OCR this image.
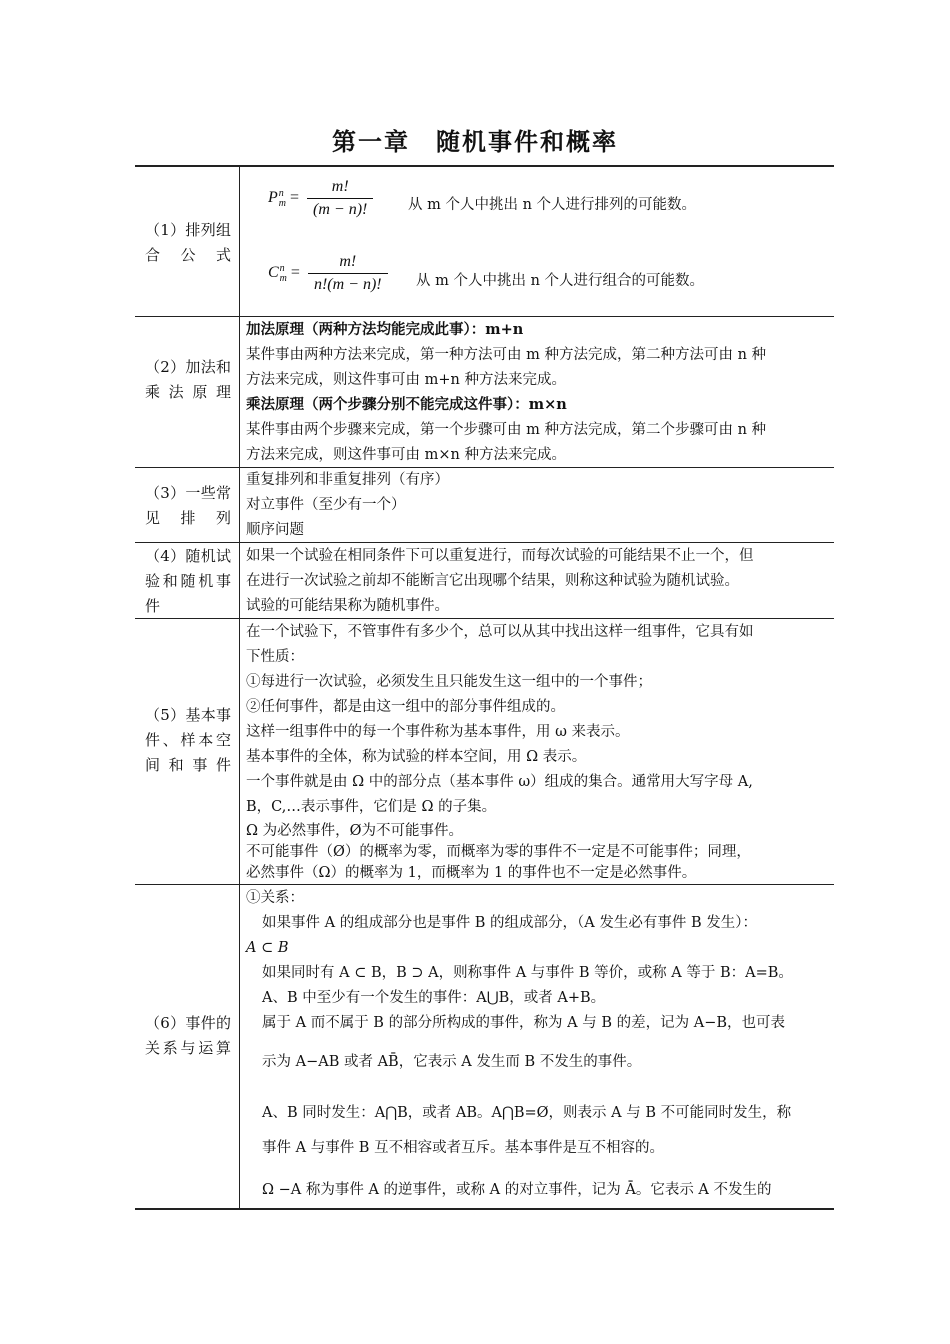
第一章　随机事件和概率
（1）排列组合公式
P n
$m = \frac{m!}{(m - n)!}$ 从 m 个人中挑出 n 个人进行排列的可能数。
C n
$m = \frac{m!}{n!(m - n)!}$ 从 m 个人中挑出 n 个人进行组合的可能数。
（2）加法和乘法原理
加法原理（两种方法均能完成此事）：m+n
某件事由两种方法来完成，第一种方法可由 m 种方法完成，第二种方法可由 n 种
方法来完成，则这件事可由 m+n 种方法来完成。
乘法原理（两个步骤分别不能完成这件事）：m×n
某件事由两个步骤来完成，第一个步骤可由 m 种方法完成，第二个步骤可由 n 种
方法来完成，则这件事可由 m×n 种方法来完成。
（3）一些常见排列
重复排列和非重复排列（有序）
对立事件（至少有一个）
顺序问题
（4）随机试验和随机事件
如果一个试验在相同条件下可以重复进行，而每次试验的可能结果不止一个，但
在进行一次试验之前却不能断言它出现哪个结果，则称这种试验为随机试验。
试验的可能结果称为随机事件。
（5）基本事件、样本空间和事件
在一个试验下，不管事件有多少个，总可以从其中找出这样一组事件，它具有如
下性质：
①每进行一次试验，必须发生且只能发生这一组中的一个事件；
②任何事件，都是由这一组中的部分事件组成的。
这样一组事件中的每一个事件称为基本事件，用 ω 来表示。
基本事件的全体，称为试验的样本空间，用 Ω 表示。
一个事件就是由 Ω 中的部分点（基本事件 ω）组成的集合。通常用大写字母 A,
B，C,…表示事件，它们是 Ω 的子集。
Ω 为必然事件，Ø为不可能事件。
不可能事件（Ø）的概率为零，而概率为零的事件不一定是不可能事件；同理，
必然事件（Ω）的概率为 1，而概率为 1 的事件也不一定是必然事件。
（6）事件的关系与运算
①关系：
如果事件 A 的组成部分也是事件 B 的组成部分，（A 发生必有事件 B 发生）：
A ⊂ B
如果同时有 A ⊂ B，B ⊃ A，则称事件 A 与事件 B 等价，或称 A 等于 B：A=B。
A、B 中至少有一个发生的事件：A⋃B，或者 A+B。
属于 A 而不属于 B 的部分所构成的事件，称为 A 与 B 的差，记为 A−B，也可表
示为 A−AB 或者 AB̄，它表示 A 发生而 B 不发生的事件。
A、B 同时发生：A⋂B，或者 AB。A⋂B=Ø，则表示 A 与 B 不可能同时发生，称
事件 A 与事件 B 互不相容或者互斥。基本事件是互不相容的。
Ω −A 称为事件 A 的逆事件，或称 A 的对立事件，记为 Ā。它表示 A 不发生的
